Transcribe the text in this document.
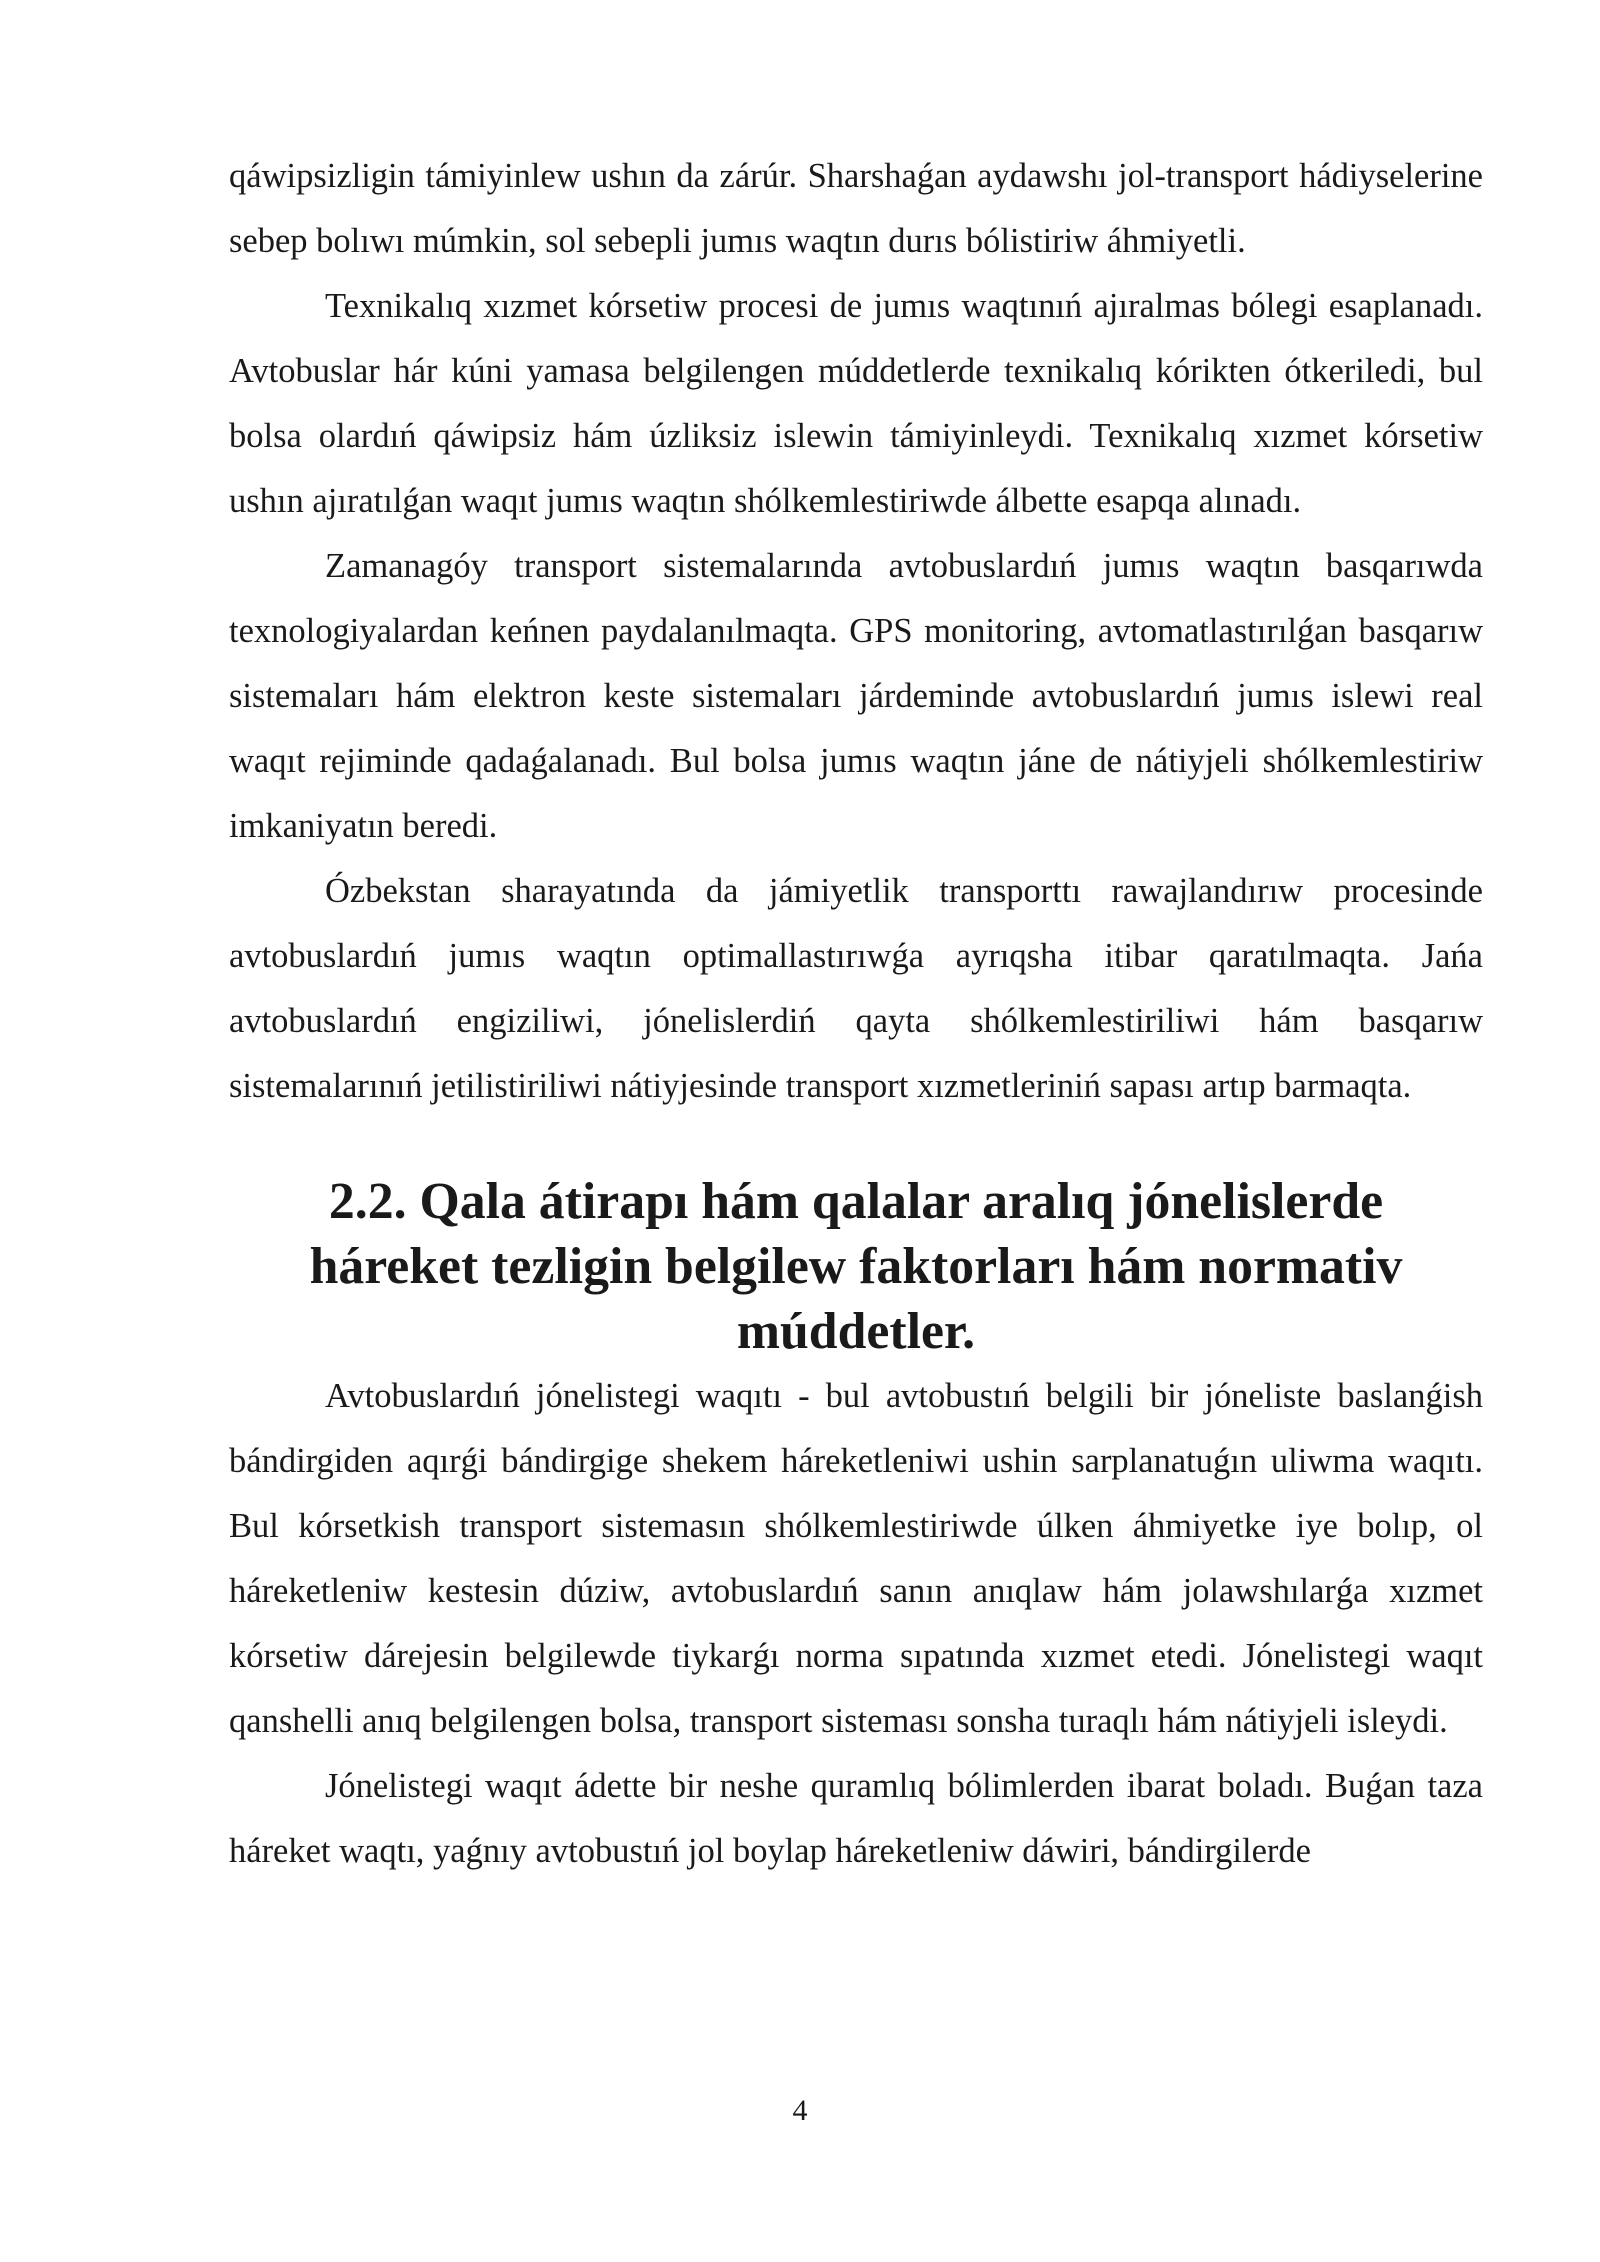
qáwipsizligin támiyinlew ushın da zárúr. Sharshaǵan aydawshı jol-transport hádiyselerine sebep bolıwı múmkin, sol sebepli jumıs waqtın durıs bólistiriw áhmiyetli.

Texnikalıq xızmet kórsetiw procesi de jumıs waqtınıń ajıralmas bólegi esaplanadı. Avtobuslar hár kúni yamasa belgilengen múddetlerde texnikalıq kórikten ótkeriledi, bul bolsa olardıń qáwipsiz hám úzliksiz islewin támiyinleydi. Texnikalıq xızmet kórsetiw ushın ajıratılǵan waqıt jumıs waqtın shólkemlestiriwde álbette esapqa alınadı.

Zamanagóy transport sistemalarında avtobuslardıń jumıs waqtın basqarıwda texnologiyalardan keńnen paydalanılmaqta. GPS monitoring, avtomatlastırılǵan basqarıw sistemaları hám elektron keste sistemaları járdeminde avtobuslardıń jumıs islewi real waqıt rejiminde qadaǵalanadı. Bul bolsa jumıs waqtın jáne de nátiyjeli shólkemlestiriw imkaniyatın beredi.

Ózbekstan sharayatında da jámiyetlik transporttı rawajlandırıw procesinde avtobuslardıń jumıs waqtın optimallastırıwǵa ayrıqsha itibar qaratılmaqta. Jańa avtobuslardıń engiziliwi, jónelislerdiń qayta shólkemlestiriliwi hám basqarıw sistemalarınıń jetilistiriliwi nátiyjesinde transport xızmetleriniń sapası artıp barmaqta.

2.2. Qala átirapı hám qalalar aralıq jónelislerde háreket tezligin belgilew faktorları hám normativ múddetler.

Avtobuslardıń jónelistegi waqıtı - bul avtobustıń belgili bir jóneliste baslanǵish bándirgiden aqırǵi bándirgige shekem háreketleniwi ushin sarplanatuǵın uliwma waqıtı. Bul kórsetkish transport sistemasın shólkemlestiriwde úlken áhmiyetke iye bolıp, ol háreketleniw kestesin dúziw, avtobuslardıń sanın anıqlaw hám jolawshılarǵa xızmet kórsetiw dárejesin belgilewde tiykarǵı norma sıpatında xızmet etedi. Jónelistegi waqıt qanshelli anıq belgilengen bolsa, transport sisteması sonsha turaqlı hám nátiyjeli isleydi.

Jónelistegi waqıt ádette bir neshe quramlıq bólimlerden ibarat boladı. Buǵan taza háreket waqtı, yaǵnıy avtobustıń jol boylap háreketleniw dáwiri, bándirgilerde

4
